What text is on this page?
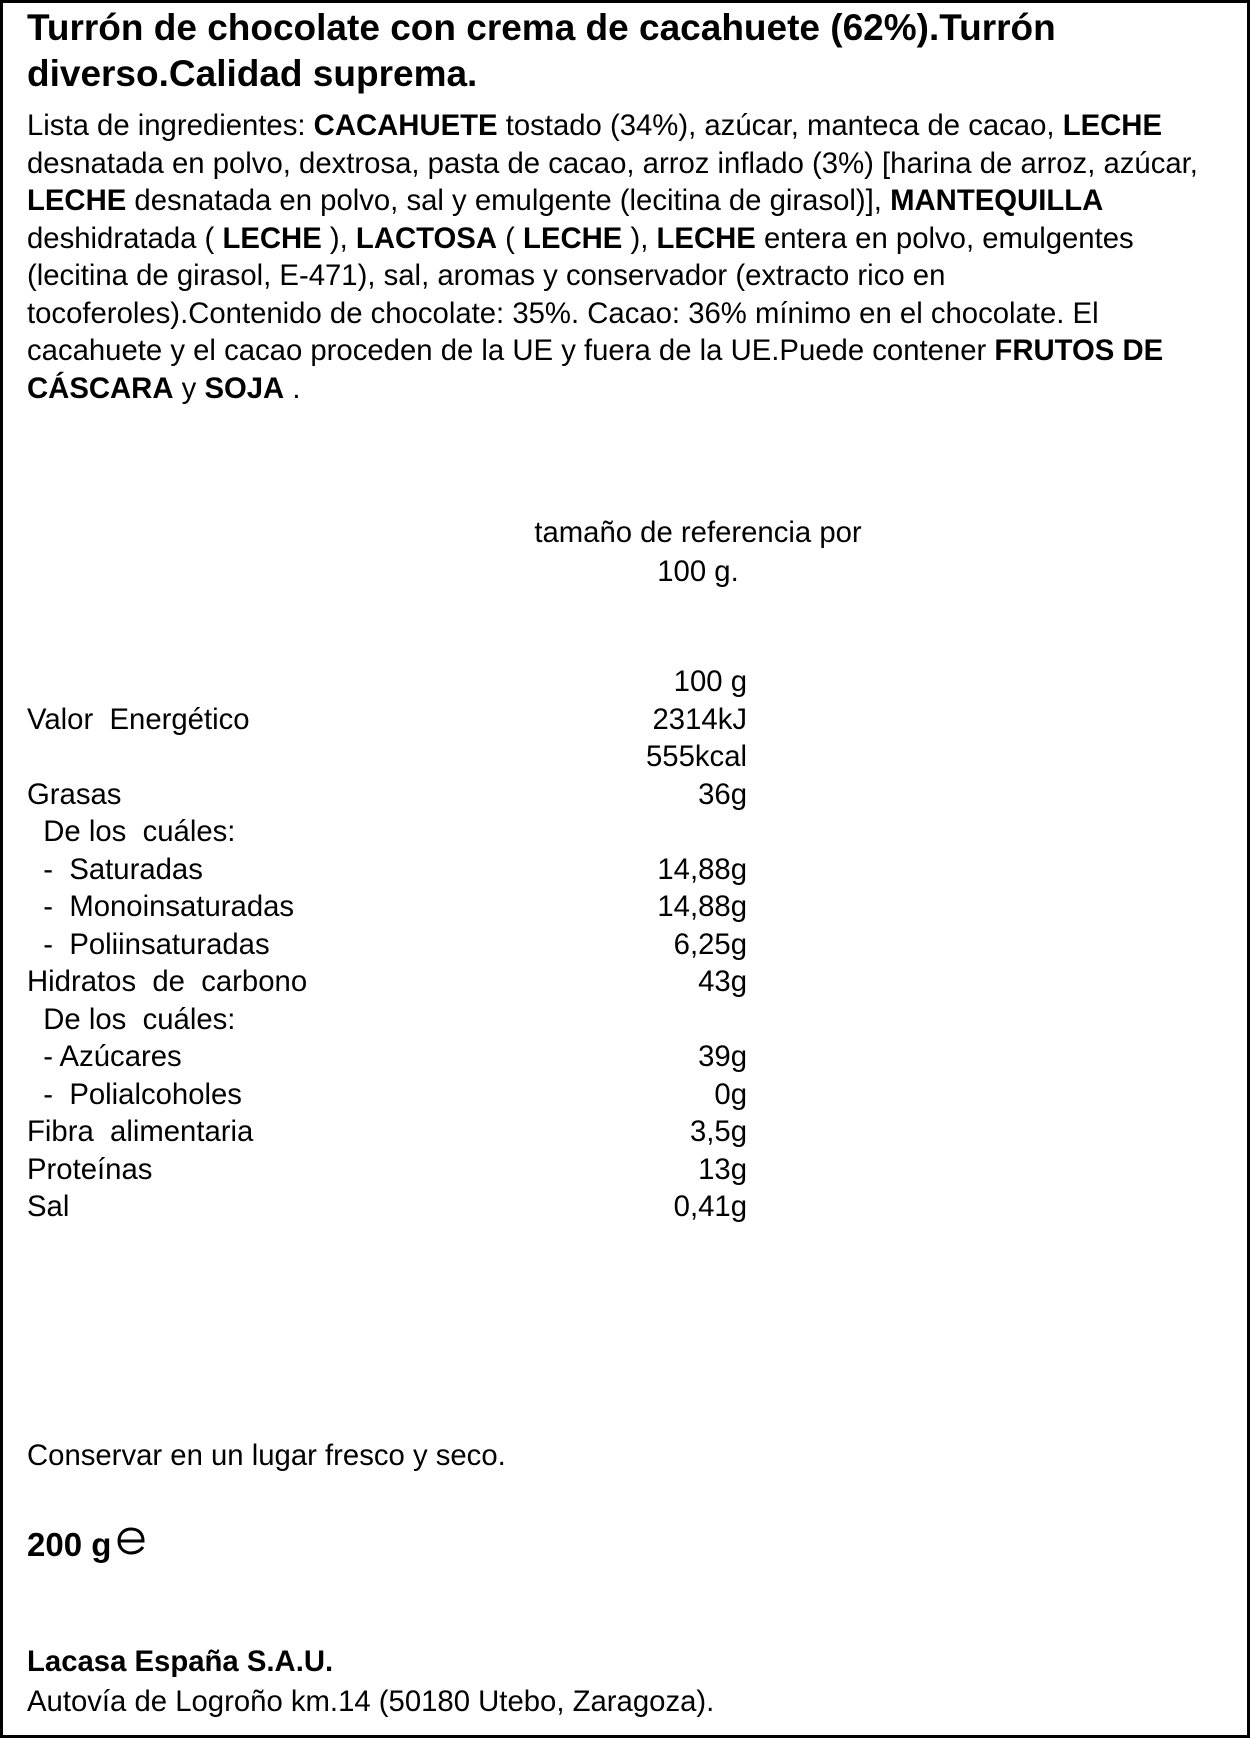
Turrón de chocolate con crema de cacahuete (62%).Turrón diverso.Calidad suprema.

Lista de ingredientes: CACAHUETE tostado (34%), azúcar, manteca de cacao, LECHE desnatada en polvo, dextrosa, pasta de cacao, arroz inflado (3%) [harina de arroz, azúcar, LECHE desnatada en polvo, sal y emulgente (lecitina de girasol)], MANTEQUILLA deshidratada ( LECHE ), LACTOSA ( LECHE ), LECHE entera en polvo, emulgentes (lecitina de girasol, E-471), sal, aromas y conservador (extracto rico en tocoferoles).Contenido de chocolate: 35%. Cacao: 36% mínimo en el chocolate. El cacahuete y el cacao proceden de la UE y fuera de la UE.Puede contener FRUTOS DE CÁSCARA y SOJA .

tamaño de referencia por
100 g.
100 g
Valor  Energético	2314kJ
555kcal
Grasas	36g
De los  cuáles:
-  Saturadas	14,88g
-  Monoinsaturadas	14,88g
-  Poliinsaturadas	6,25g
Hidratos  de  carbono	43g
De los  cuáles:
- Azúcares	39g
-  Polialcoholes	0g
Fibra  alimentaria	3,5g
Proteínas	13g
Sal	0,41g

Conservar en un lugar fresco y seco.

200 g

Lacasa España S.A.U.

Autovía de Logroño km.14 (50180 Utebo, Zaragoza).
